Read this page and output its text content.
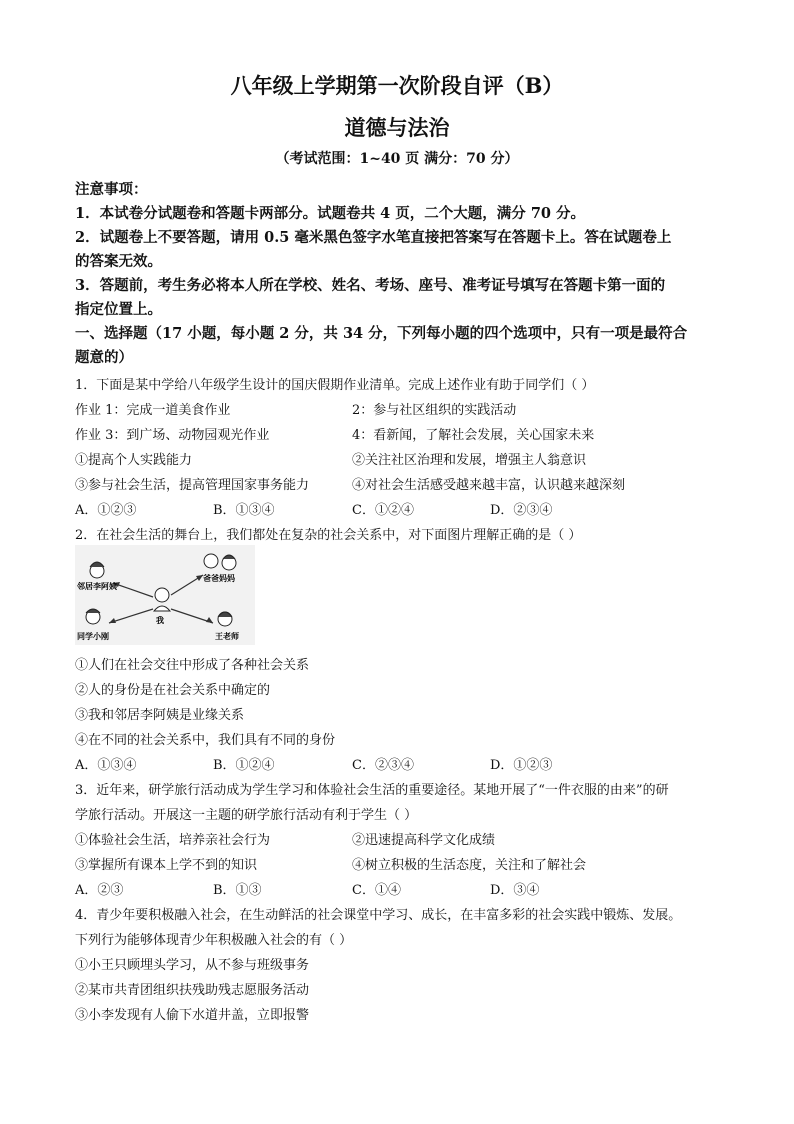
八年级上学期第一次阶段自评（B）
道德与法治
（考试范围：1~40 页 满分：70 分）
注意事项：
1．本试卷分试题卷和答题卡两部分。试题卷共 4 页，二个大题，满分 70 分。
2．试题卷上不要答题，请用 0.5 毫米黑色签字水笔直接把答案写在答题卡上。答在试题卷上
的答案无效。
3．答题前，考生务必将本人所在学校、姓名、考场、座号、准考证号填写在答题卡第一面的
指定位置上。
一、选择题（17 小题，每小题 2 分，共 34 分，下列每小题的四个选项中，只有一项是最符合
题意的）
1．下面是某中学给八年级学生设计的国庆假期作业清单。完成上述作业有助于同学们（ ）
作业 1：完成一道美食作业	2：参与社区组织的实践活动
作业 3：到广场、动物园观光作业	4：看新闻，了解社会发展，关心国家未来
①提高个人实践能力	②关注社区治理和发展，增强主人翁意识
③参与社会生活，提高管理国家事务能力	④对社会生活感受越来越丰富，认识越来越深刻
A．①②③	B．①③④	C．①②④	D．②③④
2．在社会生活的舞台上，我们都处在复杂的社会关系中，对下面图片理解正确的是（ ）
我
邻居李阿姨
爸爸妈妈
同学小刚	王老师
①人们在社会交往中形成了各种社会关系
②人的身份是在社会关系中确定的
③我和邻居李阿姨是业缘关系
④在不同的社会关系中，我们具有不同的身份
A．①③④	B．①②④	C．②③④	D．①②③
3．近年来，研学旅行活动成为学生学习和体验社会生活的重要途径。某地开展了“一件衣服的由来”的研
学旅行活动。开展这一主题的研学旅行活动有利于学生（ ）
①体验社会生活，培养亲社会行为	②迅速提高科学文化成绩
③掌握所有课本上学不到的知识	④树立积极的生活态度，关注和了解社会
A．②③	B．①③	C．①④	D．③④
4．青少年要积极融入社会，在生动鲜活的社会课堂中学习、成长，在丰富多彩的社会实践中锻炼、发展。
下列行为能够体现青少年积极融入社会的有（ ）
①小王只顾埋头学习，从不参与班级事务
②某市共青团组织扶残助残志愿服务活动
③小李发现有人偷下水道井盖，立即报警
